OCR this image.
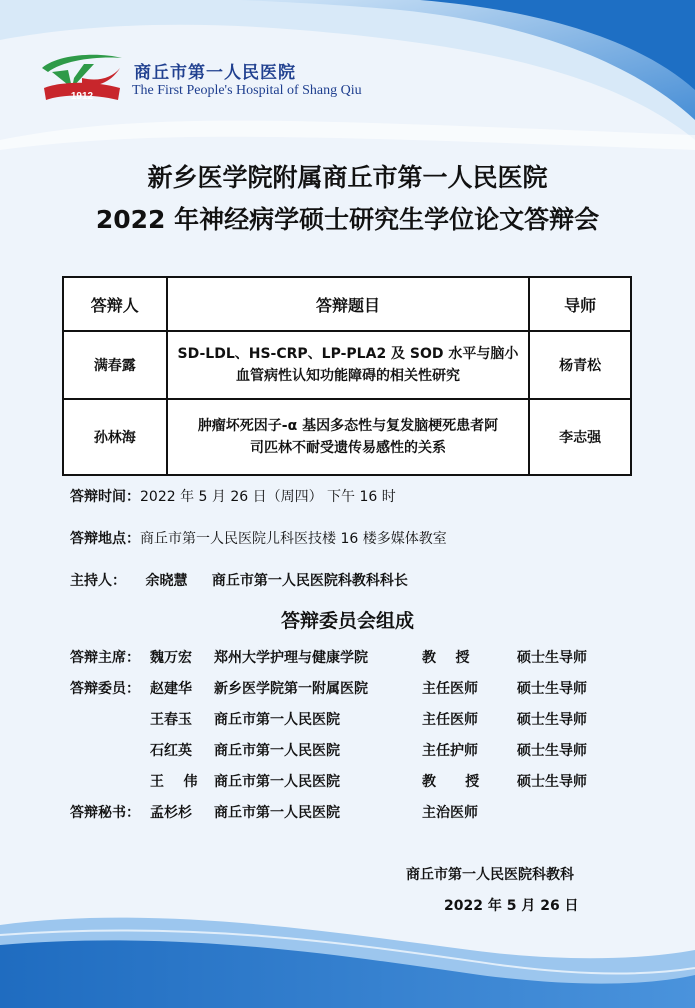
1912
商丘市第一人民医院
The First People's Hospital of Shang Qiu
新乡医学院附属商丘市第一人民医院
2022 年神经病学硕士研究生学位论文答辩会
答辩人	答辩题目	导师
满春露	SD-LDL、HS-CRP、LP-PLA2 及 SOD 水平与脑小
血管病性认知功能障碍的相关性研究	杨青松
孙林海	肿瘤坏死因子-α 基因多态性与复发脑梗死患者阿
司匹林不耐受遗传易感性的关系	李志强
答辩时间：2022 年 5 月 26 日（周四） 下午 16 时
答辩地点：商丘市第一人民医院儿科医技楼 16 楼多媒体教室
主持人： 余晓慧     商丘市第一人民医院科教科科长
答辩委员会组成
答辩主席： 魏万宏 郑州大学护理与健康学院	教    授	硕士生导师
答辩委员： 赵建华 新乡医学院第一附属医院	主任医师	硕士生导师
王春玉 商丘市第一人民医院	主任医师	硕士生导师
石红英 商丘市第一人民医院	主任护师	硕士生导师
王    伟 商丘市第一人民医院	教      授	硕士生导师
答辩秘书： 孟杉杉 商丘市第一人民医院	主治医师
商丘市第一人民医院科教科
2022 年 5 月 26 日
